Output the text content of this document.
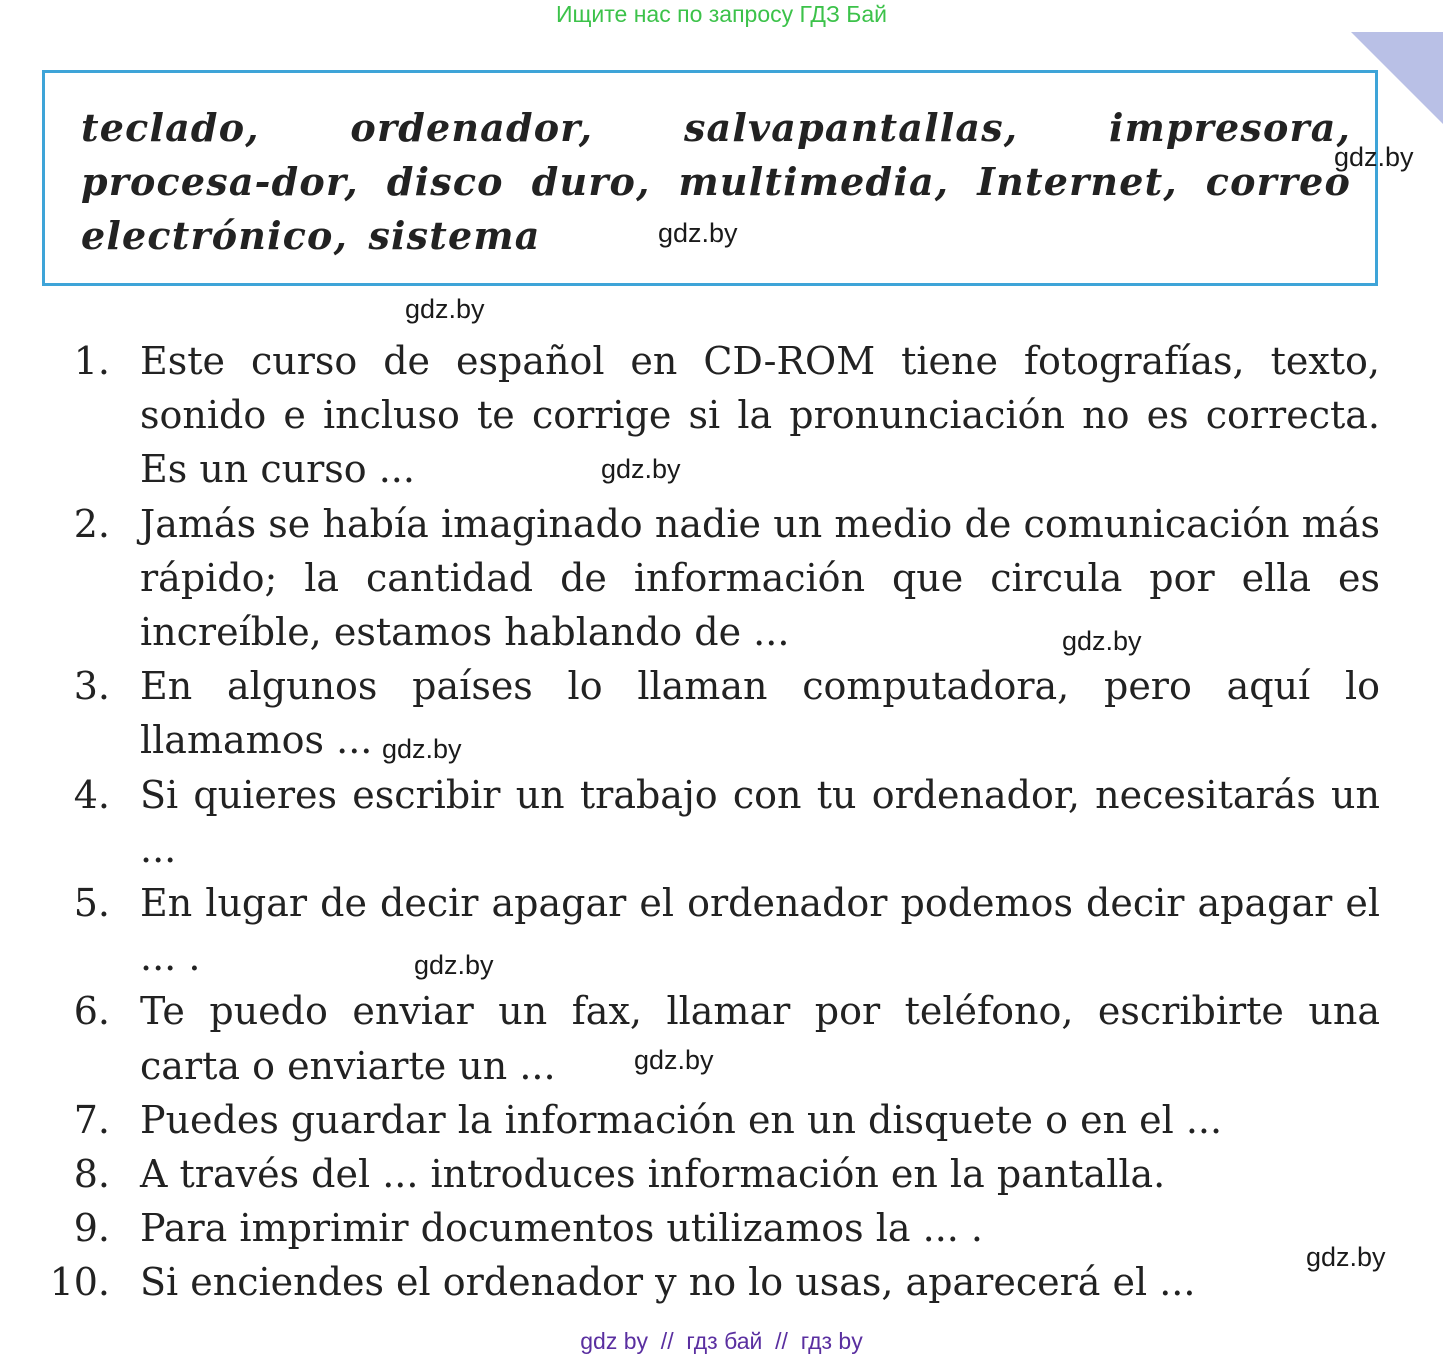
Ищите нас по запросу ГДЗ Бай
teclado, ordenador, salvapantallas, impresora, procesa-dor, disco duro, multimedia, Internet, correo electrónico, sistema
1. Este curso de español en CD-ROM tiene fotografías, texto, sonido e incluso te corrige si la pronunciación no es correcta. Es un curso ...
2. Jamás se había imaginado nadie un medio de comunicación más rápido; la cantidad de información que circula por ella es increíble, estamos hablando de ...
3. En algunos países lo llaman computadora, pero aquí lo llamamos ...
4. Si quieres escribir un trabajo con tu ordenador, necesitarás un ...
5. En lugar de decir apagar el ordenador podemos decir apagar el ... .
6. Te puedo enviar un fax, llamar por teléfono, escribirte una carta o enviarte un ...
7. Puedes guardar la información en un disquete o en el ...
8. A través del ... introduces información en la pantalla.
9. Para imprimir documentos utilizamos la ... .
10. Si enciendes el ordenador y no lo usas, aparecerá el ...
gdz.by
gdz.by
gdz.by
gdz.by
gdz.by
gdz.by
gdz.by
gdz.by
gdz.by
gdz by  //  гдз бай  //  гдз by
